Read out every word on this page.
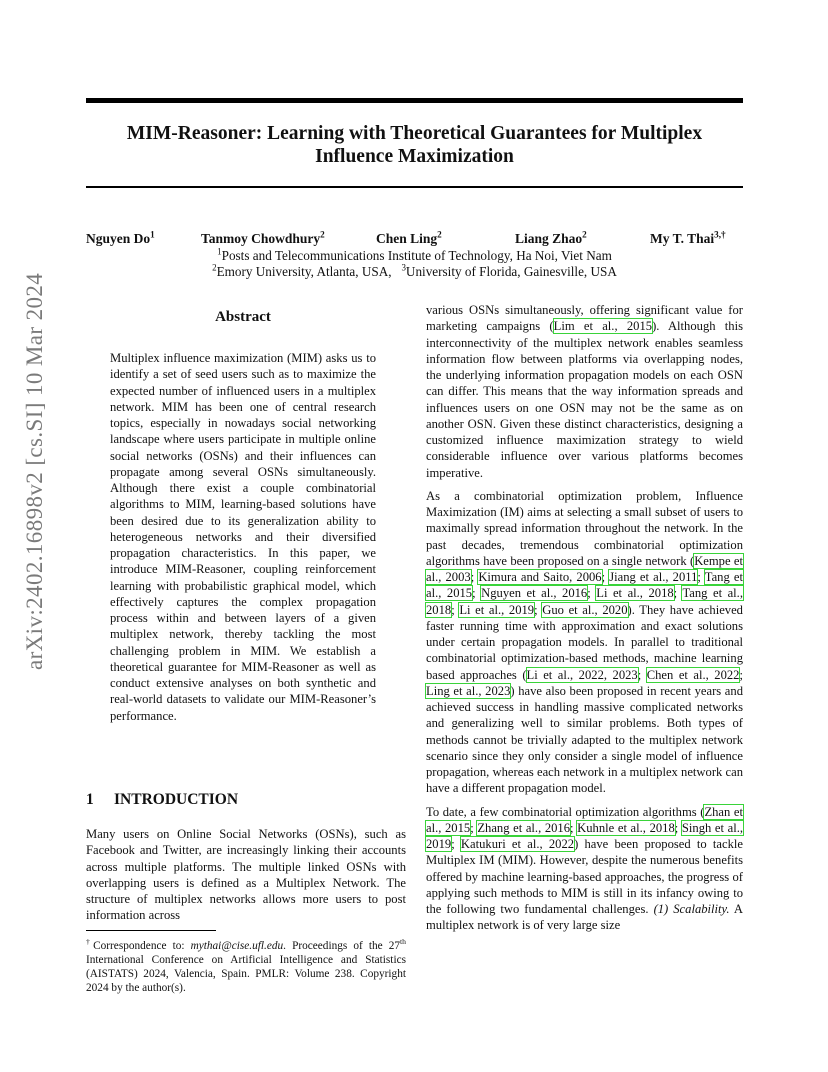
MIM-Reasoner: Learning with Theoretical Guarantees for Multiplex Influence Maximization
Nguyen Do$^1$	Tanmoy Chowdhury$^2$	Chen Ling$^2$	Liang Zhao$^2$	My T. Thai$^{3,\dagger}$
$^1$Posts and Telecommunications Institute of Technology, Ha Noi, Viet Nam
$^2$Emory University, Atlanta, USA, $^3$University of Florida, Gainesville, USA
arXiv:2402.16898v2 [cs.SI] 10 Mar 2024	Abstract

Multiplex influence maximization (MIM) asks us to identify a set of seed users such as to maximize the expected number of influenced users in a multiplex network. MIM has been one of central research topics, especially in nowadays social networking landscape where users participate in multiple online social networks (OSNs) and their influences can propagate among several OSNs simultaneously. Although there exist a couple combinatorial algorithms to MIM, learning-based solutions have been desired due to its generalization ability to heterogeneous networks and their diversified propagation characteristics. In this paper, we introduce MIM-Reasoner, coupling reinforcement learning with probabilistic graphical model, which effectively captures the complex propagation process within and between layers of a given multiplex network, thereby tackling the most challenging problem in MIM. We establish a theoretical guarantee for MIM-Reasoner as well as conduct extensive analyses on both synthetic and real-world datasets to validate our MIM-Reasoner’s performance.

1 INTRODUCTION

Many users on Online Social Networks (OSNs), such as Facebook and Twitter, are increasingly linking their accounts across multiple platforms. The multiple linked OSNs with overlapping users is defined as a Multiplex Network. The structure of multiplex networks allows more users to post information across

†Correspondence to: mythai@cise.ufl.edu. Proceedings of the 27th International Conference on Artificial Intelligence and Statistics (AISTATS) 2024, Valencia, Spain. PMLR: Volume 238. Copyright 2024 by the author(s).

various OSNs simultaneously, offering significant value for marketing campaigns (Lim et al., 2015). Although this interconnectivity of the multiplex network enables seamless information flow between platforms via overlapping nodes, the underlying information propagation models on each OSN can differ. This means that the way information spreads and influences users on one OSN may not be the same as on another OSN. Given these distinct characteristics, designing a customized influence maximization strategy to wield considerable influence over various platforms becomes imperative.

As a combinatorial optimization problem, Influence Maximization (IM) aims at selecting a small subset of users to maximally spread information throughout the network. In the past decades, tremendous combinatorial optimization algorithms have been proposed on a single network (Kempe et al., 2003; Kimura and Saito, 2006; Jiang et al., 2011; Tang et al., 2015; Nguyen et al., 2016; Li et al., 2018; Tang et al., 2018; Li et al., 2019; Guo et al., 2020). They have achieved faster running time with approximation and exact solutions under certain propagation models. In parallel to traditional combinatorial optimization-based methods, machine learning based approaches (Li et al., 2022, 2023; Chen et al., 2022; Ling et al., 2023) have also been proposed in recent years and achieved success in handling massive complicated networks and generalizing well to similar problems. Both types of methods cannot be trivially adapted to the multiplex network scenario since they only consider a single model of influence propagation, whereas each network in a multiplex network can have a different propagation model.

To date, a few combinatorial optimization algorithms (Zhan et al., 2015; Zhang et al., 2016; Kuhnle et al., 2018; Singh et al., 2019; Katukuri et al., 2022) have been proposed to tackle Multiplex IM (MIM). However, despite the numerous benefits offered by machine learning-based approaches, the progress of applying such methods to MIM is still in its infancy owing to the following two fundamental challenges. (1) Scalability. A multiplex network is of very large size
